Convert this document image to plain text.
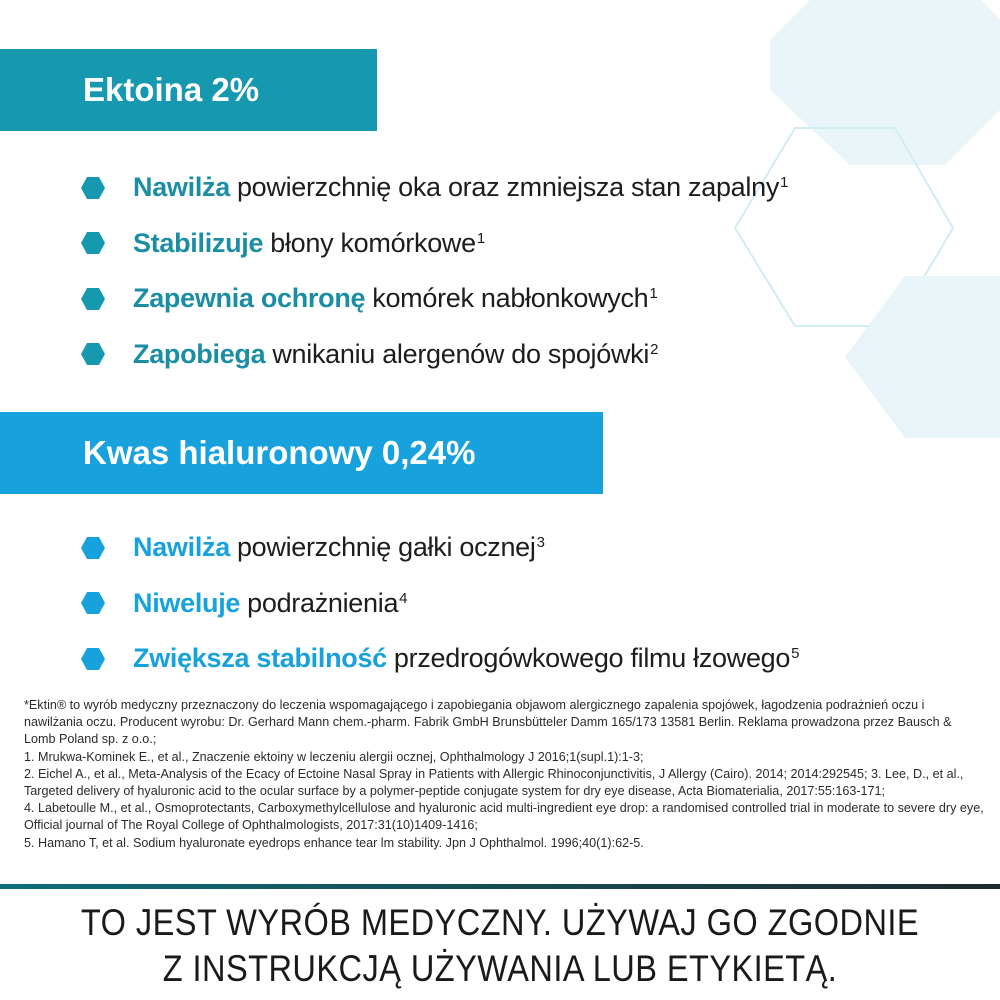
Ektoina 2%
Nawilża powierzchnię oka oraz zmniejsza stan zapalny$^1$
Stabilizuje błony komórkowe$^1$
Zapewnia ochronę komórek nabłonkowych$^1$
Zapobiega wnikaniu alergenów do spojówki$^2$
Kwas hialuronowy 0,24%
Nawilża powierzchnię gałki ocznej$^3$
Niweluje podrażnienia$^4$
Zwiększa stabilność przedrogówkowego filmu łzowego$^5$

*Ektin® to wyrób medyczny przeznaczony do leczenia wspomagającego i zapobiegania objawom alergicznego zapalenia spojówek, łagodzenia podrażnień oczu i nawilżania oczu. Producent wyrobu: Dr. Gerhard Mann chem.-pharm. Fabrik GmbH Brunsbütteler Damm 165/173 13581 Berlin. Reklama prowadzona przez Bausch & Lomb Poland sp. z o.o.;

1. Mrukwa-Kominek E., et al., Znaczenie ektoiny w leczeniu alergii ocznej, Ophthalmology J 2016;1(supl.1):1-3;

2. Eichel A., et al., Meta-Analysis of the Ecacy of Ectoine Nasal Spray in Patients with Allergic Rhinoconjunctivitis, J Allergy (Cairo). 2014; 2014:292545; 3. Lee, D., et al., Targeted delivery of hyaluronic acid to the ocular surface by a polymer-peptide conjugate system for dry eye disease, Acta Biomaterialia, 2017:55:163-171;

4. Labetoulle M., et al., Osmoprotectants, Carboxymethylcellulose and hyaluronic acid multi-ingredient eye drop: a randomised controlled trial in moderate to severe dry eye, Official journal of The Royal College of Ophthalmologists, 2017:31(10)1409-1416;

5. Hamano T, et al. Sodium hyaluronate eyedrops enhance tear lm stability. Jpn J Ophthalmol. 1996;40(1):62-5.

TO JEST WYRÓB MEDYCZNY. UŻYWAJ GO ZGODNIE
Z INSTRUKCJĄ UŻYWANIA LUB ETYKIETĄ.
